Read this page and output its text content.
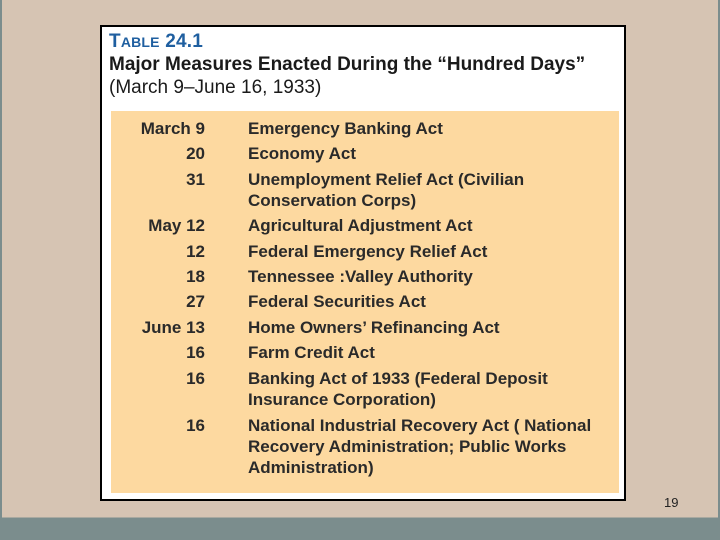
TABLE 24.1
Major Measures Enacted During the “Hundred Days”
(March 9–June 16, 1933)
March 9	Emergency Banking Act
20	Economy Act
31	Unemployment Relief Act (Civilian
Conservation Corps)
May 12	Agricultural Adjustment Act
12	Federal Emergency Relief Act
18	Tennessee :Valley Authority
27	Federal Securities Act
June 13	Home Owners’ Refinancing Act
16	Farm Credit Act
16	Banking Act of 1933 (Federal Deposit
Insurance Corporation)
16	National Industrial Recovery Act ( National
Recovery Administration; Public Works
Administration)
19
